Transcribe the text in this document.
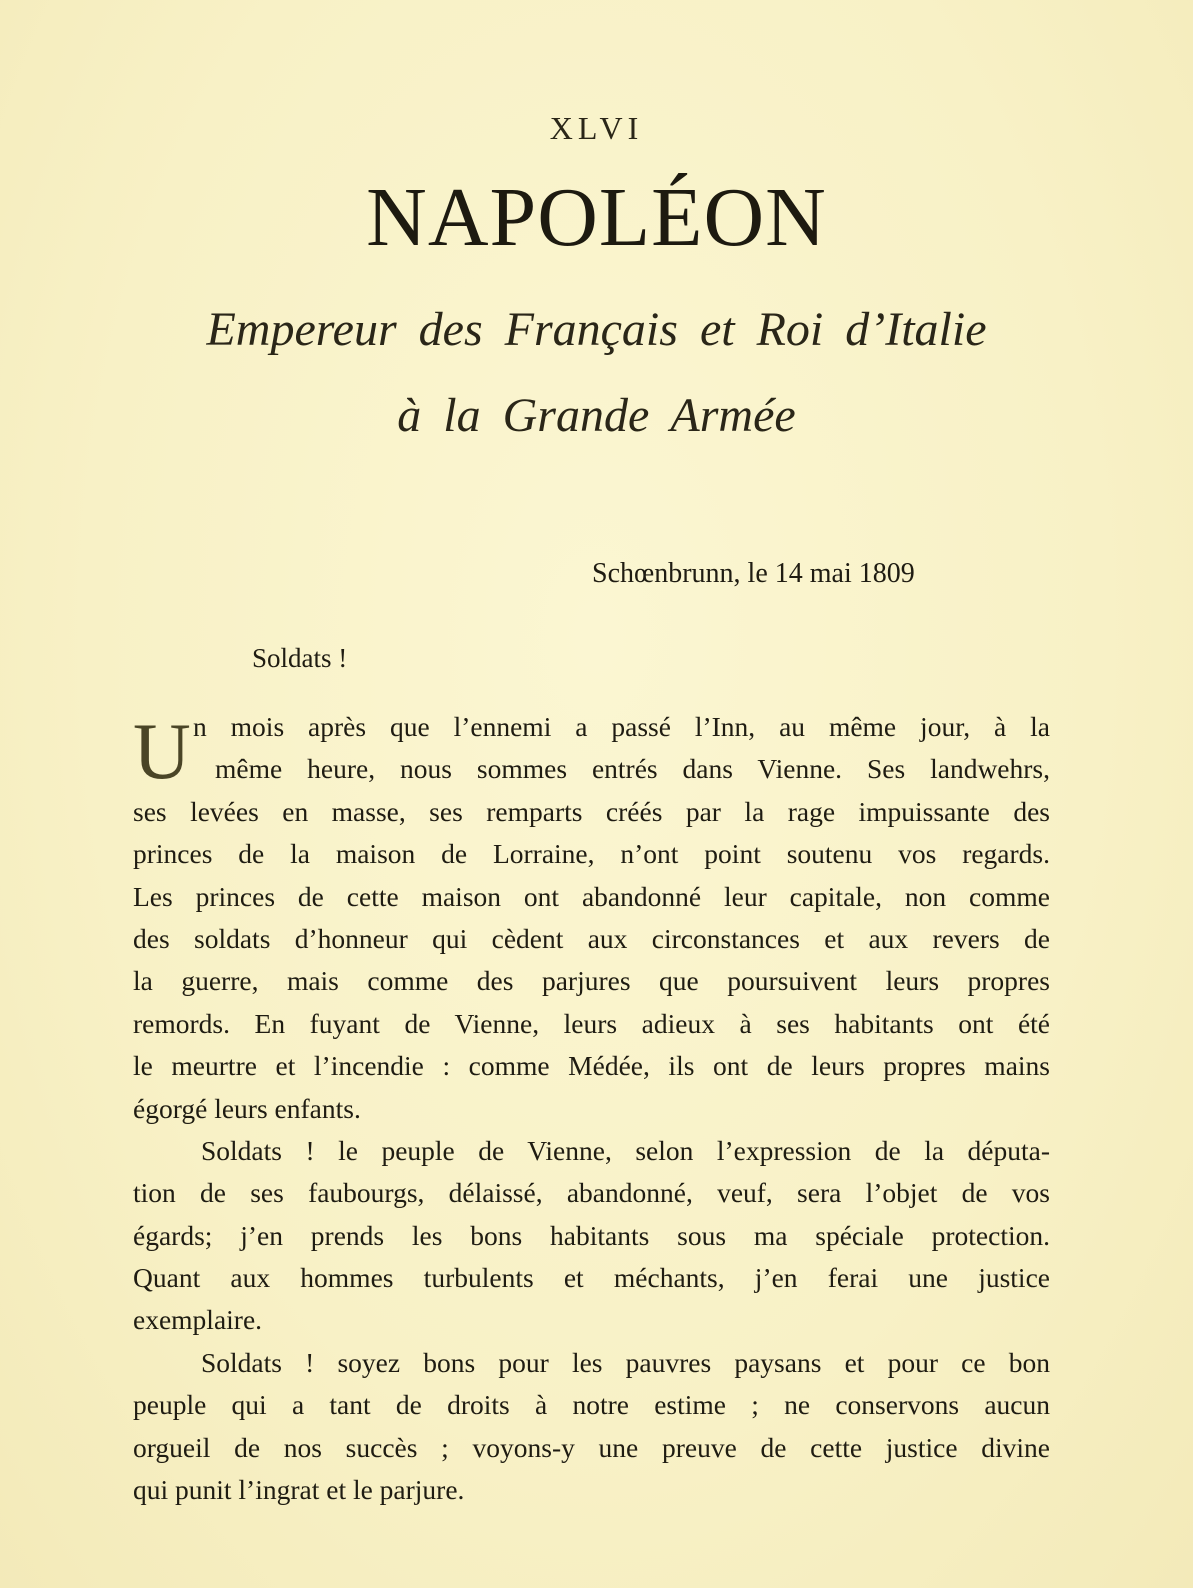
XLVI
NAPOLÉON
Empereur des Français et Roi d’Italie
à la Grande Armée
Schœnbrunn, le 14 mai 1809
Soldats !
U n mois après que l’ennemi a passé l’Inn, au même jour, à la
même heure, nous sommes entrés dans Vienne. Ses landwehrs,
ses levées en masse, ses remparts créés par la rage impuissante des
princes de la maison de Lorraine, n’ont point soutenu vos regards.
Les princes de cette maison ont abandonné leur capitale, non comme
des soldats d’honneur qui cèdent aux circonstances et aux revers de
la guerre, mais comme des parjures que poursuivent leurs propres
remords. En fuyant de Vienne, leurs adieux à ses habitants ont été
le meurtre et l’incendie : comme Médée, ils ont de leurs propres mains
égorgé leurs enfants.
Soldats ! le peuple de Vienne, selon l’expression de la députa-
tion de ses faubourgs, délaissé, abandonné, veuf, sera l’objet de vos
égards; j’en prends les bons habitants sous ma spéciale protection.
Quant aux hommes turbulents et méchants, j’en ferai une justice
exemplaire.
Soldats ! soyez bons pour les pauvres paysans et pour ce bon
peuple qui a tant de droits à notre estime ; ne conservons aucun
orgueil de nos succès ; voyons-y une preuve de cette justice divine
qui punit l’ingrat et le parjure.
